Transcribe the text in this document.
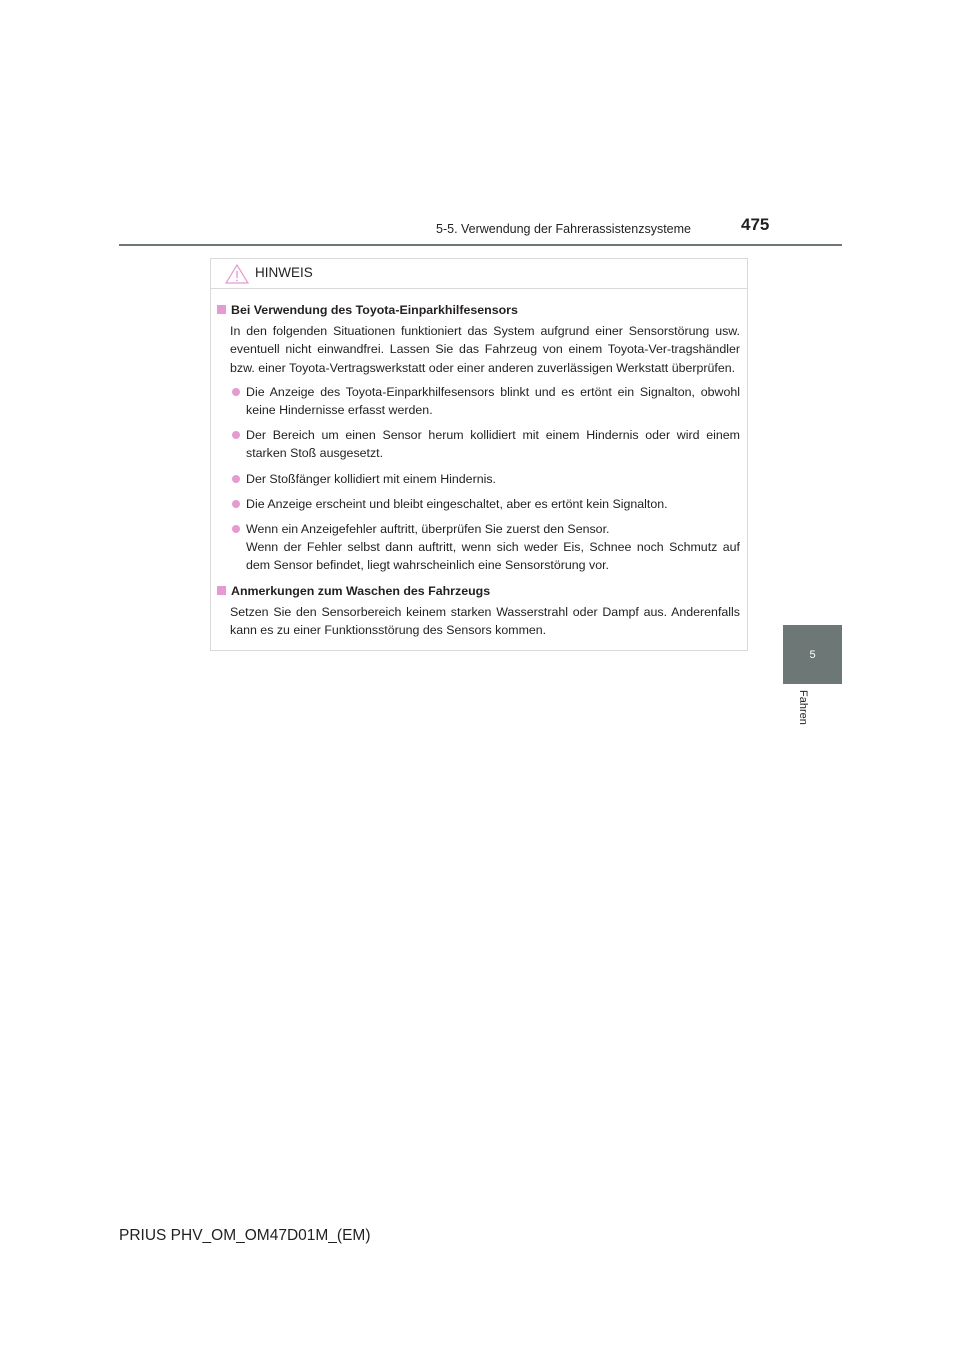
5-5. Verwendung der Fahrerassistenzsysteme	475
5
Fahren
HINWEIS
Bei Verwendung des Toyota-Einparkhilfesensors
In den folgenden Situationen funktioniert das System aufgrund einer Sensorstörung usw. eventuell nicht einwandfrei. Lassen Sie das Fahrzeug von einem Toyota-Ver-tragshändler bzw. einer Toyota-Vertragswerkstatt oder einer anderen zuverlässigen Werkstatt überprüfen.
Die Anzeige des Toyota-Einparkhilfesensors blinkt und es ertönt ein Signalton, obwohl keine Hindernisse erfasst werden.
Der Bereich um einen Sensor herum kollidiert mit einem Hindernis oder wird einem starken Stoß ausgesetzt.
Der Stoßfänger kollidiert mit einem Hindernis.
Die Anzeige erscheint und bleibt eingeschaltet, aber es ertönt kein Signalton.
Wenn ein Anzeigefehler auftritt, überprüfen Sie zuerst den Sensor.
Wenn der Fehler selbst dann auftritt, wenn sich weder Eis, Schnee noch Schmutz auf dem Sensor befindet, liegt wahrscheinlich eine Sensorstörung vor.
Anmerkungen zum Waschen des Fahrzeugs
Setzen Sie den Sensorbereich keinem starken Wasserstrahl oder Dampf aus. Anderenfalls kann es zu einer Funktionsstörung des Sensors kommen.
PRIUS PHV_OM_OM47D01M_(EM)
